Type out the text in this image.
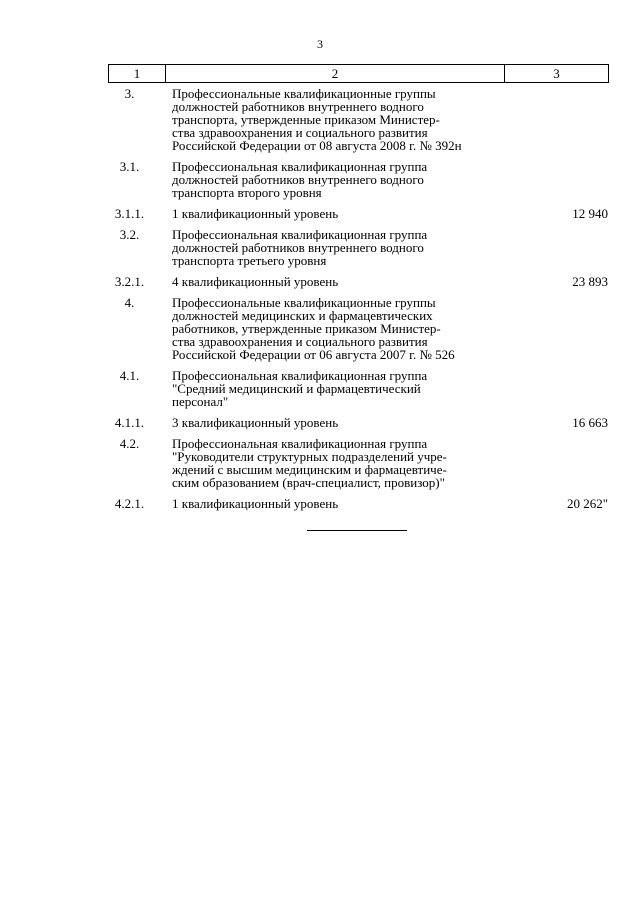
3
1	2	3
3.	Профессиональные квалификационные группы
должностей работников внутреннего водного
транспорта, утвержденные приказом Министер-
ства здравоохранения и социального развития
Российской Федерации от 08 августа 2008 г. № 392н
3.1.	Профессиональная квалификационная группа
должностей работников внутреннего водного
транспорта второго уровня
3.1.1. 1 квалификационный уровень	12 940
3.2.	Профессиональная квалификационная группа
должностей работников внутреннего водного
транспорта третьего уровня
3.2.1. 4 квалификационный уровень	23 893
4.	Профессиональные квалификационные группы
должностей медицинских и фармацевтических
работников, утвержденные приказом Министер-
ства здравоохранения и социального развития
Российской Федерации от 06 августа 2007 г. № 526
4.1.	Профессиональная квалификационная группа
"Средний медицинский и фармацевтический
персонал"
4.1.1. 3 квалификационный уровень	16 663
4.2.	Профессиональная квалификационная группа
"Руководители структурных подразделений учре-
ждений с высшим медицинским и фармацевтиче-
ским образованием (врач-специалист, провизор)"
4.2.1. 1 квалификационный уровень	20 262"
